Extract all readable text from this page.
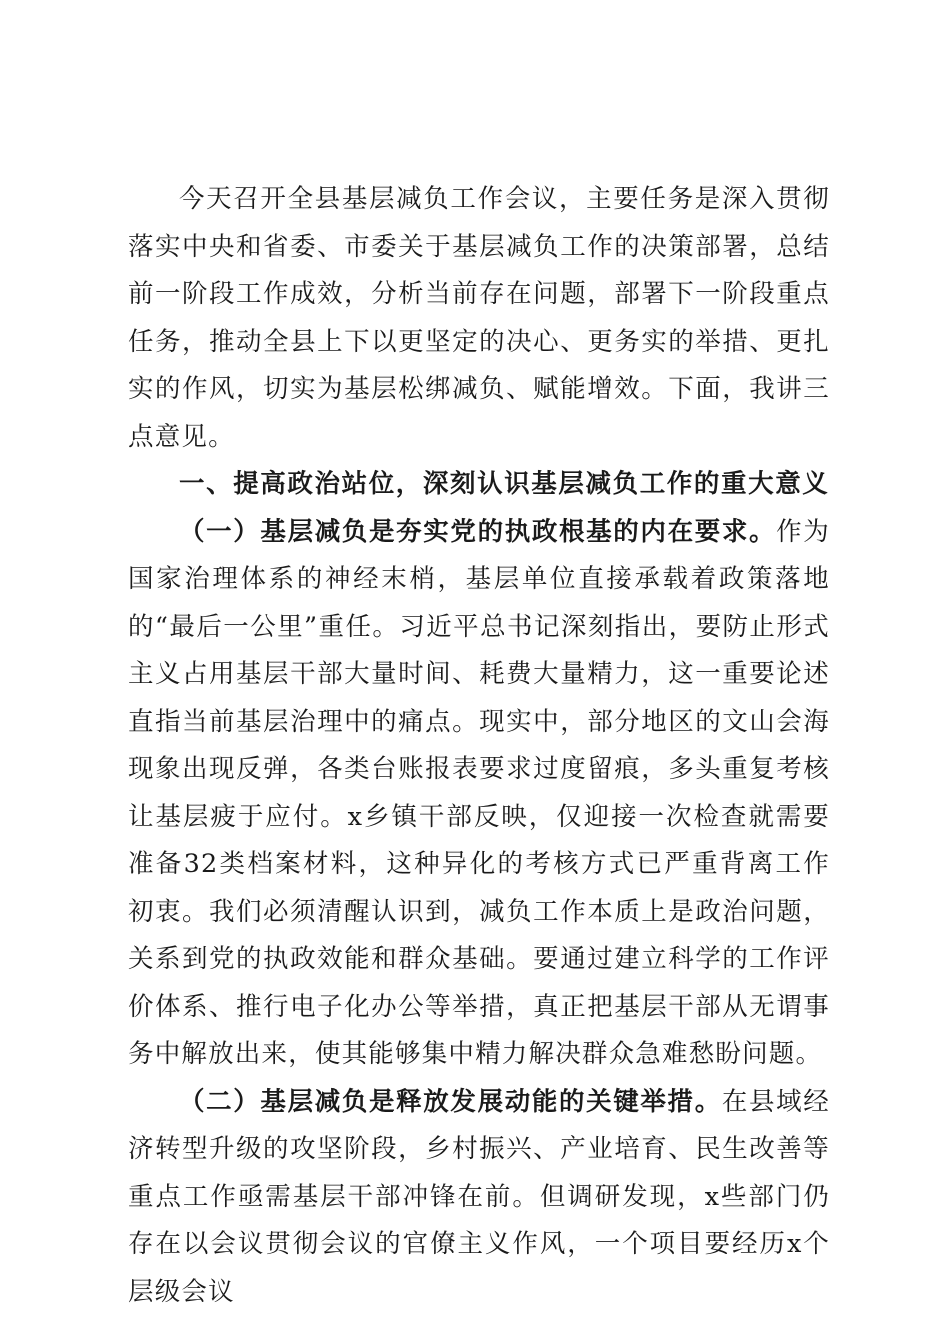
今天召开全县基层减负工作会议，主要任务是深入贯彻落实中央和省委、市委关于基层减负工作的决策部署，总结前一阶段工作成效，分析当前存在问题，部署下一阶段重点任务，推动全县上下以更坚定的决心、更务实的举措、更扎实的作风，切实为基层松绑减负、赋能增效。下面，我讲三点意见。

一、提高政治站位，深刻认识基层减负工作的重大意义

（一）基层减负是夯实党的执政根基的内在要求。作为国家治理体系的神经末梢，基层单位直接承载着政策落地的“最后一公里”重任。习近平总书记深刻指出，要防止形式主义占用基层干部大量时间、耗费大量精力，这一重要论述直指当前基层治理中的痛点。现实中，部分地区的文山会海现象出现反弹，各类台账报表要求过度留痕，多头重复考核让基层疲于应付。x乡镇干部反映，仅迎接一次检查就需要准备32类档案材料，这种异化的考核方式已严重背离工作初衷。我们必须清醒认识到，减负工作本质上是政治问题，关系到党的执政效能和群众基础。要通过建立科学的工作评价体系、推行电子化办公等举措，真正把基层干部从无谓事务中解放出来，使其能够集中精力解决群众急难愁盼问题。

（二）基层减负是释放发展动能的关键举措。在县域经济转型升级的攻坚阶段，乡村振兴、产业培育、民生改善等重点工作亟需基层干部冲锋在前。但调研发现，x些部门仍存在以会议贯彻会议的官僚主义作风，一个项目要经历x个层级会议
